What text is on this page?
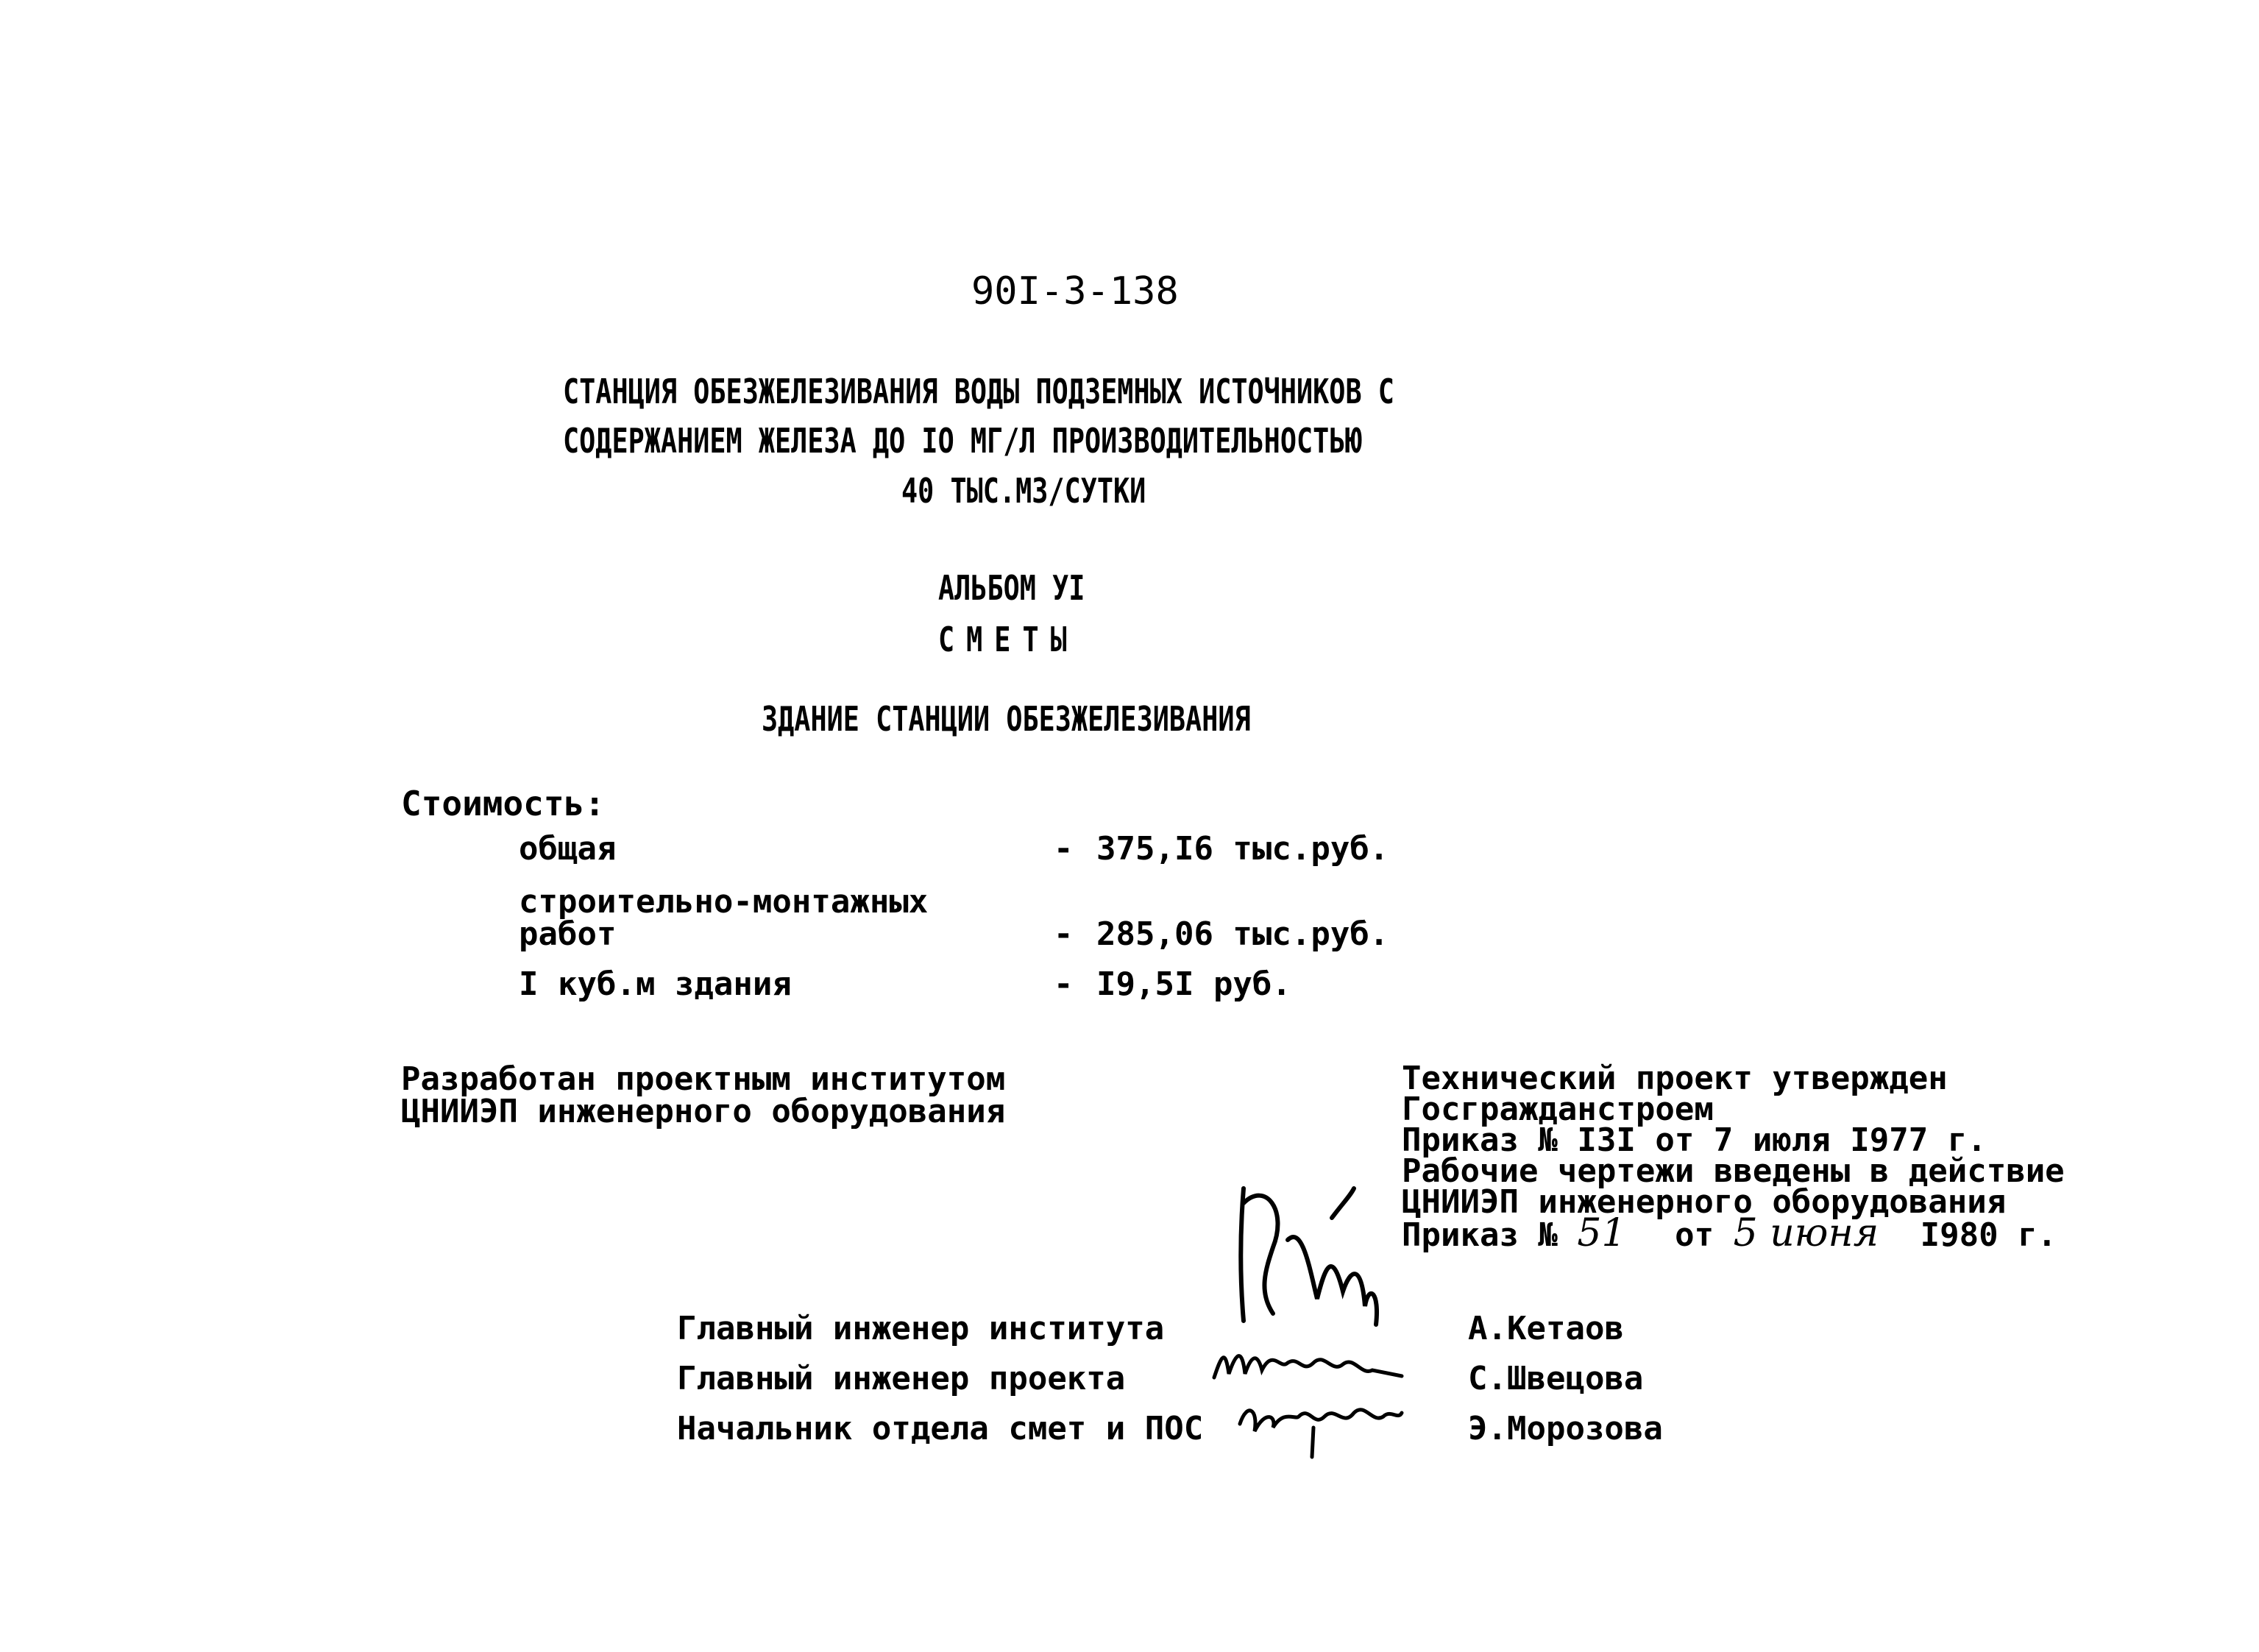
90I-3-138
СТАНЦИЯ ОБЕЗЖЕЛЕЗИВАНИЯ ВОДЫ ПОДЗЕМНЫХ ИСТОЧНИКОВ С
СОДЕРЖАНИЕМ ЖЕЛЕЗА ДО IO МГ/Л ПРОИЗВОДИТЕЛЬНОСТЬЮ
40 ТЫС.М3/СУТКИ
АЛЬБОМ УI
СМЕТЫ
ЗДАНИЕ СТАНЦИИ ОБЕЗЖЕЛЕЗИВАНИЯ
Стоимость:
общая	- 375,I6 тыс.руб.
строительно-монтажных
работ	- 285,06 тыс.руб.
I куб.м здания	- I9,5I руб.
Разработан проектным институтом
ЦНИИЭП инженерного оборудования
Технический проект утвержден
Госгражданстроем
Приказ № I3I от 7 июля I977 г.
Рабочие чертежи введены в действие
ЦНИИЭП инженерного оборудования
Приказ № 51 от 5 июня I980 г.
Главный инженер института	А.Кетаов
Главный инженер проекта	С.Швецова
Начальник отдела смет и ПОС	Э.Морозова
